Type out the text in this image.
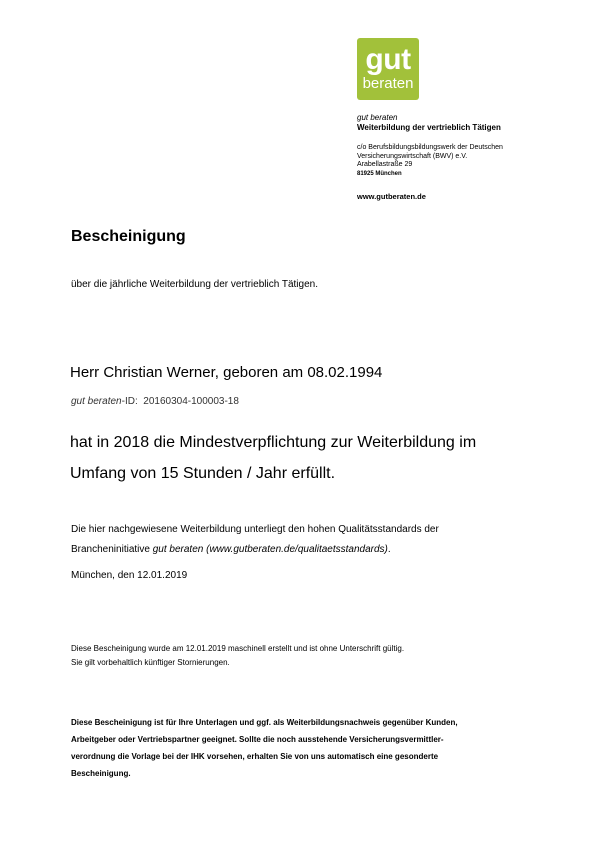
gut
beraten
gut beraten
Weiterbildung der vertrieblich Tätigen
c/o Berufsbildungsbildungswerk der Deutschen
Versicherungswirtschaft (BWV) e.V.
Arabellastraße 29
81925 München
www.gutberaten.de
Bescheinigung
über die jährliche Weiterbildung der vertrieblich Tätigen.
Herr Christian Werner, geboren am 08.02.1994
gut beraten-ID: 20160304-100003-18
hat in 2018 die Mindestverpflichtung zur Weiterbildung im
Umfang von 15 Stunden / Jahr erfüllt.
Die hier nachgewiesene Weiterbildung unterliegt den hohen Qualitätsstandards der
Brancheninitiative gut beraten (www.gutberaten.de/qualitaetsstandards).
München, den 12.01.2019
Diese Bescheinigung wurde am 12.01.2019 maschinell erstellt und ist ohne Unterschrift gültig.
Sie gilt vorbehaltlich künftiger Stornierungen.
Diese Bescheinigung ist für Ihre Unterlagen und ggf. als Weiterbildungsnachweis gegenüber Kunden,
Arbeitgeber oder Vertriebspartner geeignet. Sollte die noch ausstehende Versicherungsvermittler-
verordnung die Vorlage bei der IHK vorsehen, erhalten Sie von uns automatisch eine gesonderte
Bescheinigung.
